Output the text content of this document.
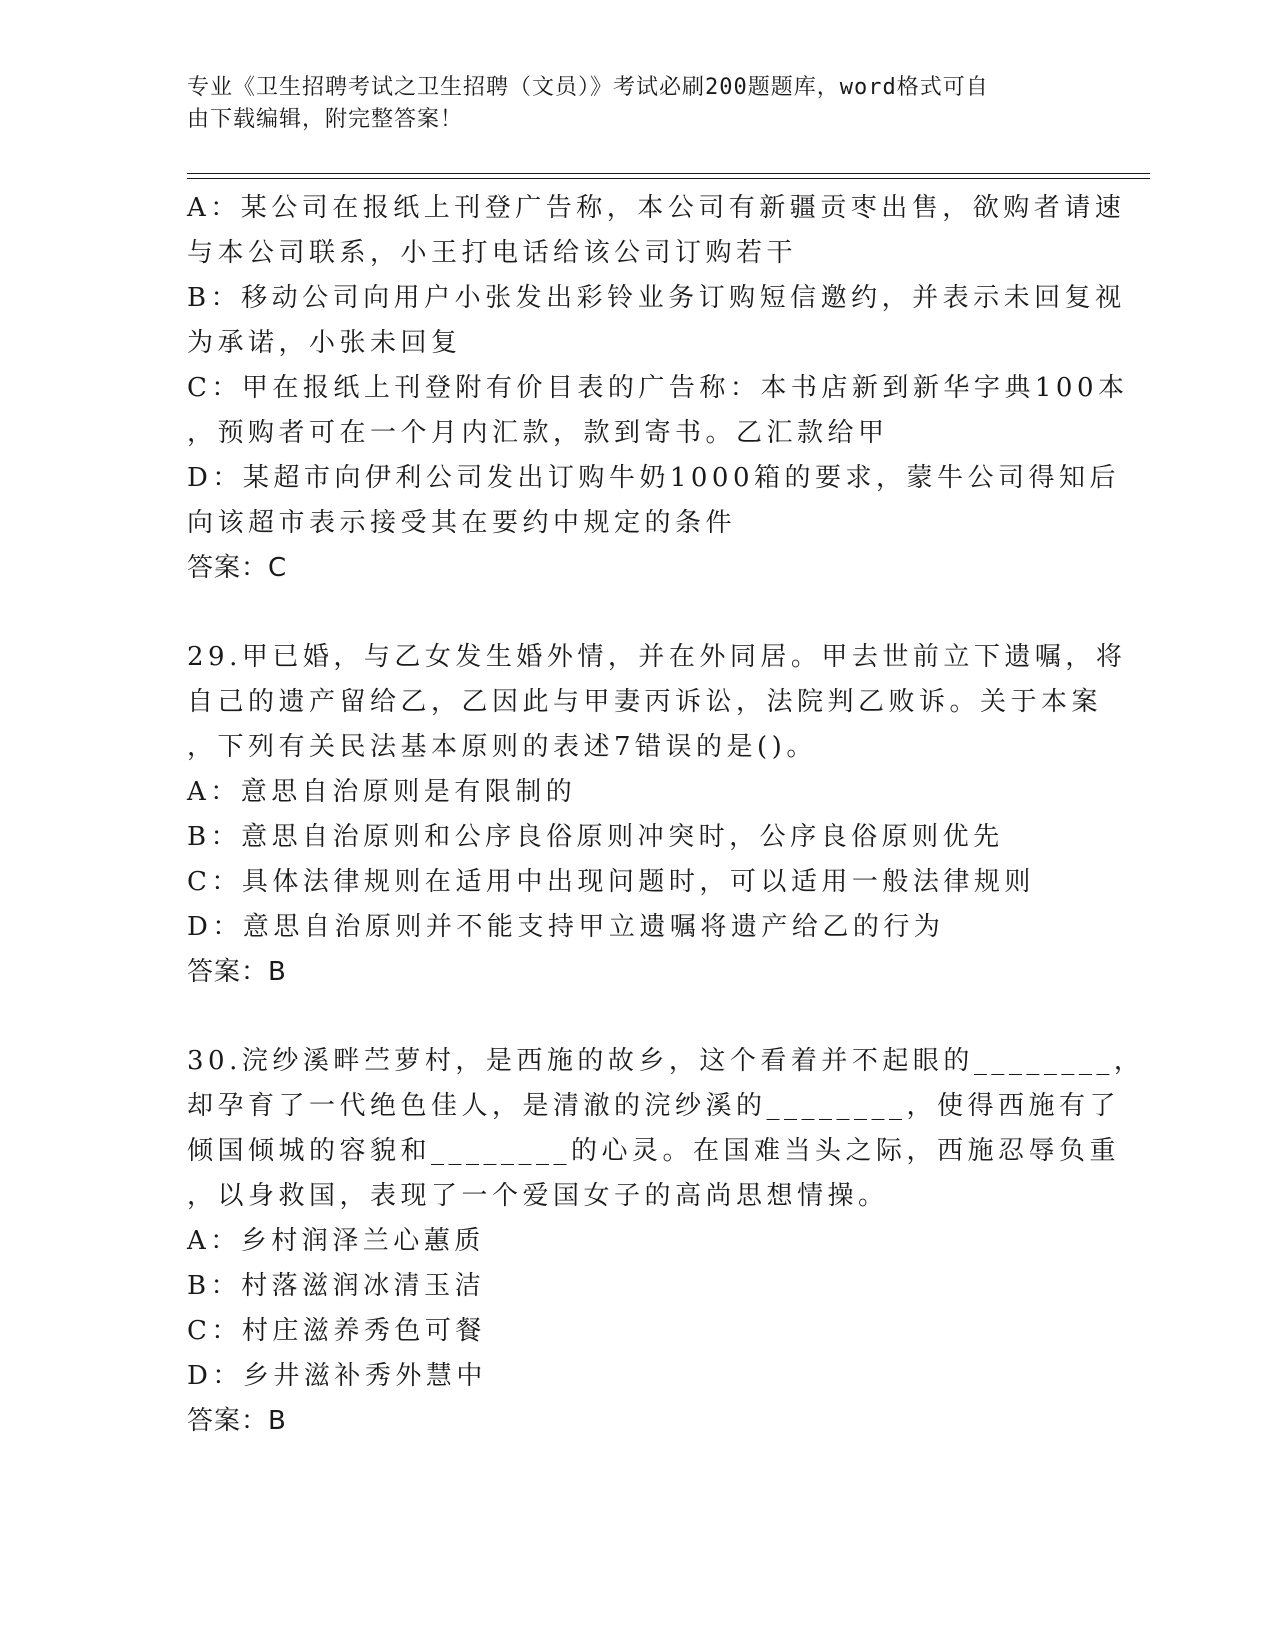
专业《卫生招聘考试之卫生招聘（文员）》考试必刷200题题库，word格式可自
由下载编辑，附完整答案！
A：某公司在报纸上刊登广告称，本公司有新疆贡枣出售，欲购者请速
与本公司联系，小王打电话给该公司订购若干
B：移动公司向用户小张发出彩铃业务订购短信邀约，并表示未回复视
为承诺，小张未回复
C：甲在报纸上刊登附有价目表的广告称：本书店新到新华字典100本
，预购者可在一个月内汇款，款到寄书。乙汇款给甲
D：某超市向伊利公司发出订购牛奶1000箱的要求，蒙牛公司得知后
向该超市表示接受其在要约中规定的条件
答案：C
29.甲已婚，与乙女发生婚外情，并在外同居。甲去世前立下遗嘱，将
自己的遗产留给乙，乙因此与甲妻丙诉讼，法院判乙败诉。关于本案
，下列有关民法基本原则的表述7错误的是()。
A：意思自治原则是有限制的
B：意思自治原则和公序良俗原则冲突时，公序良俗原则优先
C：具体法律规则在适用中出现问题时，可以适用一般法律规则
D：意思自治原则并不能支持甲立遗嘱将遗产给乙的行为
答案：B
30.浣纱溪畔苎萝村，是西施的故乡，这个看着并不起眼的________，
却孕育了一代绝色佳人，是清澈的浣纱溪的________，使得西施有了
倾国倾城的容貌和________的心灵。在国难当头之际，西施忍辱负重
，以身救国，表现了一个爱国女子的高尚思想情操。
A：乡村润泽兰心蕙质
B：村落滋润冰清玉洁
C：村庄滋养秀色可餐
D：乡井滋补秀外慧中
答案：B
